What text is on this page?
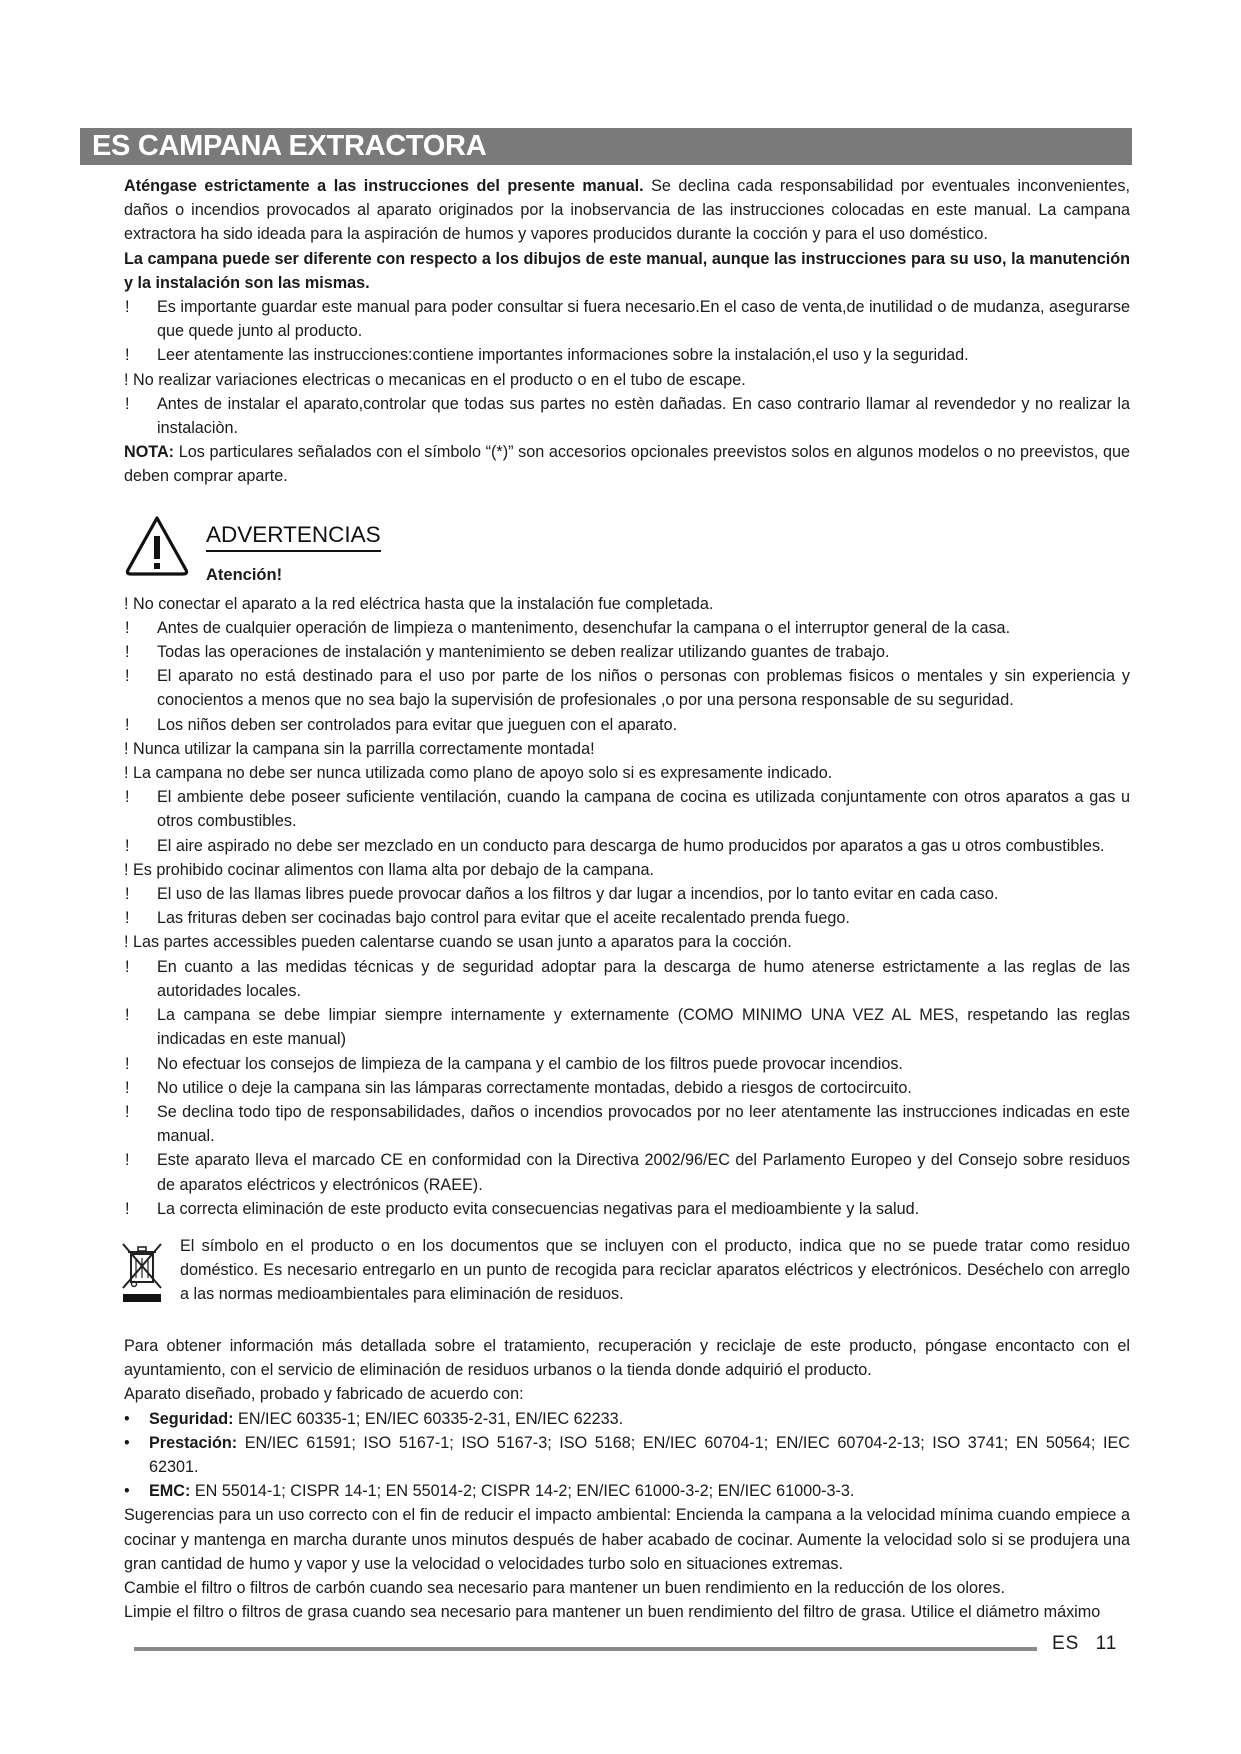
ES CAMPANA EXTRACTORA

Aténgase estrictamente a las instrucciones del presente manual. Se declina cada responsabilidad por eventuales inconvenientes, daños o incendios provocados al aparato originados por la inobservancia de las instrucciones colocadas en este manual. La campana extractora ha sido ideada para la aspiración de humos y vapores producidos durante la cocción y para el uso doméstico.

La campana puede ser diferente con respecto a los dibujos de este manual, aunque las instrucciones para su uso, la manutención y la instalación son las mismas.

! Es importante guardar este manual para poder consultar si fuera necesario.En el caso de venta,de inutilidad o de mudanza, asegurarse que quede junto al producto.

! Leer atentamente las instrucciones:contiene importantes informaciones sobre la instalación,el uso y la seguridad.

! No realizar variaciones electricas o mecanicas en el producto o en el tubo de escape.

! Antes de instalar el aparato,controlar que todas sus partes no estèn dañadas. En caso contrario llamar al revendedor y no realizar la instalaciòn.

NOTA: Los particulares señalados con el símbolo “(*)” son accesorios opcionales preevistos solos en algunos modelos o no preevistos, que deben comprar aparte.

ADVERTENCIAS
Atención!

! No conectar el aparato a la red eléctrica hasta que la instalación fue completada.

! Antes de cualquier operación de limpieza o mantenimento, desenchufar la campana o el interruptor general de la casa.

! Todas las operaciones de instalación y mantenimiento se deben realizar utilizando guantes de trabajo.

! El aparato no está destinado para el uso por parte de los niños o personas con problemas fisicos o mentales y sin experiencia y conocientos a menos que no sea bajo la supervisión de profesionales ,o por una persona responsable de su seguridad.

! Los niños deben ser controlados para evitar que jueguen con el aparato.

! Nunca utilizar la campana sin la parrilla correctamente montada!

! La campana no debe ser nunca utilizada como plano de apoyo solo si es expresamente indicado.

! El ambiente debe poseer suficiente ventilación, cuando la campana de cocina es utilizada conjuntamente con otros aparatos a gas u otros combustibles.

! El aire aspirado no debe ser mezclado en un conducto para descarga de humo producidos por aparatos a gas u otros combustibles.

! Es prohibido cocinar alimentos con llama alta por debajo de la campana.

! El uso de las llamas libres puede provocar daños a los filtros y dar lugar a incendios, por lo tanto evitar en cada caso.

! Las frituras deben ser cocinadas bajo control para evitar que el aceite recalentado prenda fuego.

! Las partes accessibles pueden calentarse cuando se usan junto a aparatos para la cocción.

! En cuanto a las medidas técnicas y de seguridad adoptar para la descarga de humo atenerse estrictamente a las reglas de las autoridades locales.

! La campana se debe limpiar siempre internamente y externamente (COMO MINIMO UNA VEZ AL MES, respetando las reglas indicadas en este manual)

! No efectuar los consejos de limpieza de la campana y el cambio de los filtros puede provocar incendios.

! No utilice o deje la campana sin las lámparas correctamente montadas, debido a riesgos de cortocircuito.

! Se declina todo tipo de responsabilidades, daños o incendios provocados por no leer atentamente las instrucciones indicadas en este manual.

! Este aparato lleva el marcado CE en conformidad con la Directiva 2002/96/EC del Parlamento Europeo y del Consejo sobre residuos de aparatos eléctricos y electrónicos (RAEE).

! La correcta eliminación de este producto evita consecuencias negativas para el medioambiente y la salud.

El símbolo en el producto o en los documentos que se incluyen con el producto, indica que no se puede tratar como residuo doméstico. Es necesario entregarlo en un punto de recogida para reciclar aparatos eléctricos y electrónicos. Deséchelo con arreglo a las normas medioambientales para eliminación de residuos.

Para obtener información más detallada sobre el tratamiento, recuperación y reciclaje de este producto, póngase encontacto con el ayuntamiento, con el servicio de eliminación de residuos urbanos o la tienda donde adquirió el producto.

Aparato diseñado, probado y fabricado de acuerdo con:

• Seguridad: EN/IEC 60335-1; EN/IEC 60335-2-31, EN/IEC 62233.

• Prestación: EN/IEC 61591; ISO 5167-1; ISO 5167-3; ISO 5168; EN/IEC 60704-1; EN/IEC 60704-2-13; ISO 3741; EN 50564; IEC 62301.

• EMC: EN 55014-1; CISPR 14-1; EN 55014-2; CISPR 14-2; EN/IEC 61000-3-2; EN/IEC 61000-3-3.

Sugerencias para un uso correcto con el fin de reducir el impacto ambiental: Encienda la campana a la velocidad mínima cuando empiece a cocinar y mantenga en marcha durante unos minutos después de haber acabado de cocinar. Aumente la velocidad solo si se produjera una gran cantidad de humo y vapor y use la velocidad o velocidades turbo solo en situaciones extremas.

Cambie el filtro o filtros de carbón cuando sea necesario para mantener un buen rendimiento en la reducción de los olores.

Limpie el filtro o filtros de grasa cuando sea necesario para mantener un buen rendimiento del filtro de grasa. Utilice el diámetro máximo

ES 11
